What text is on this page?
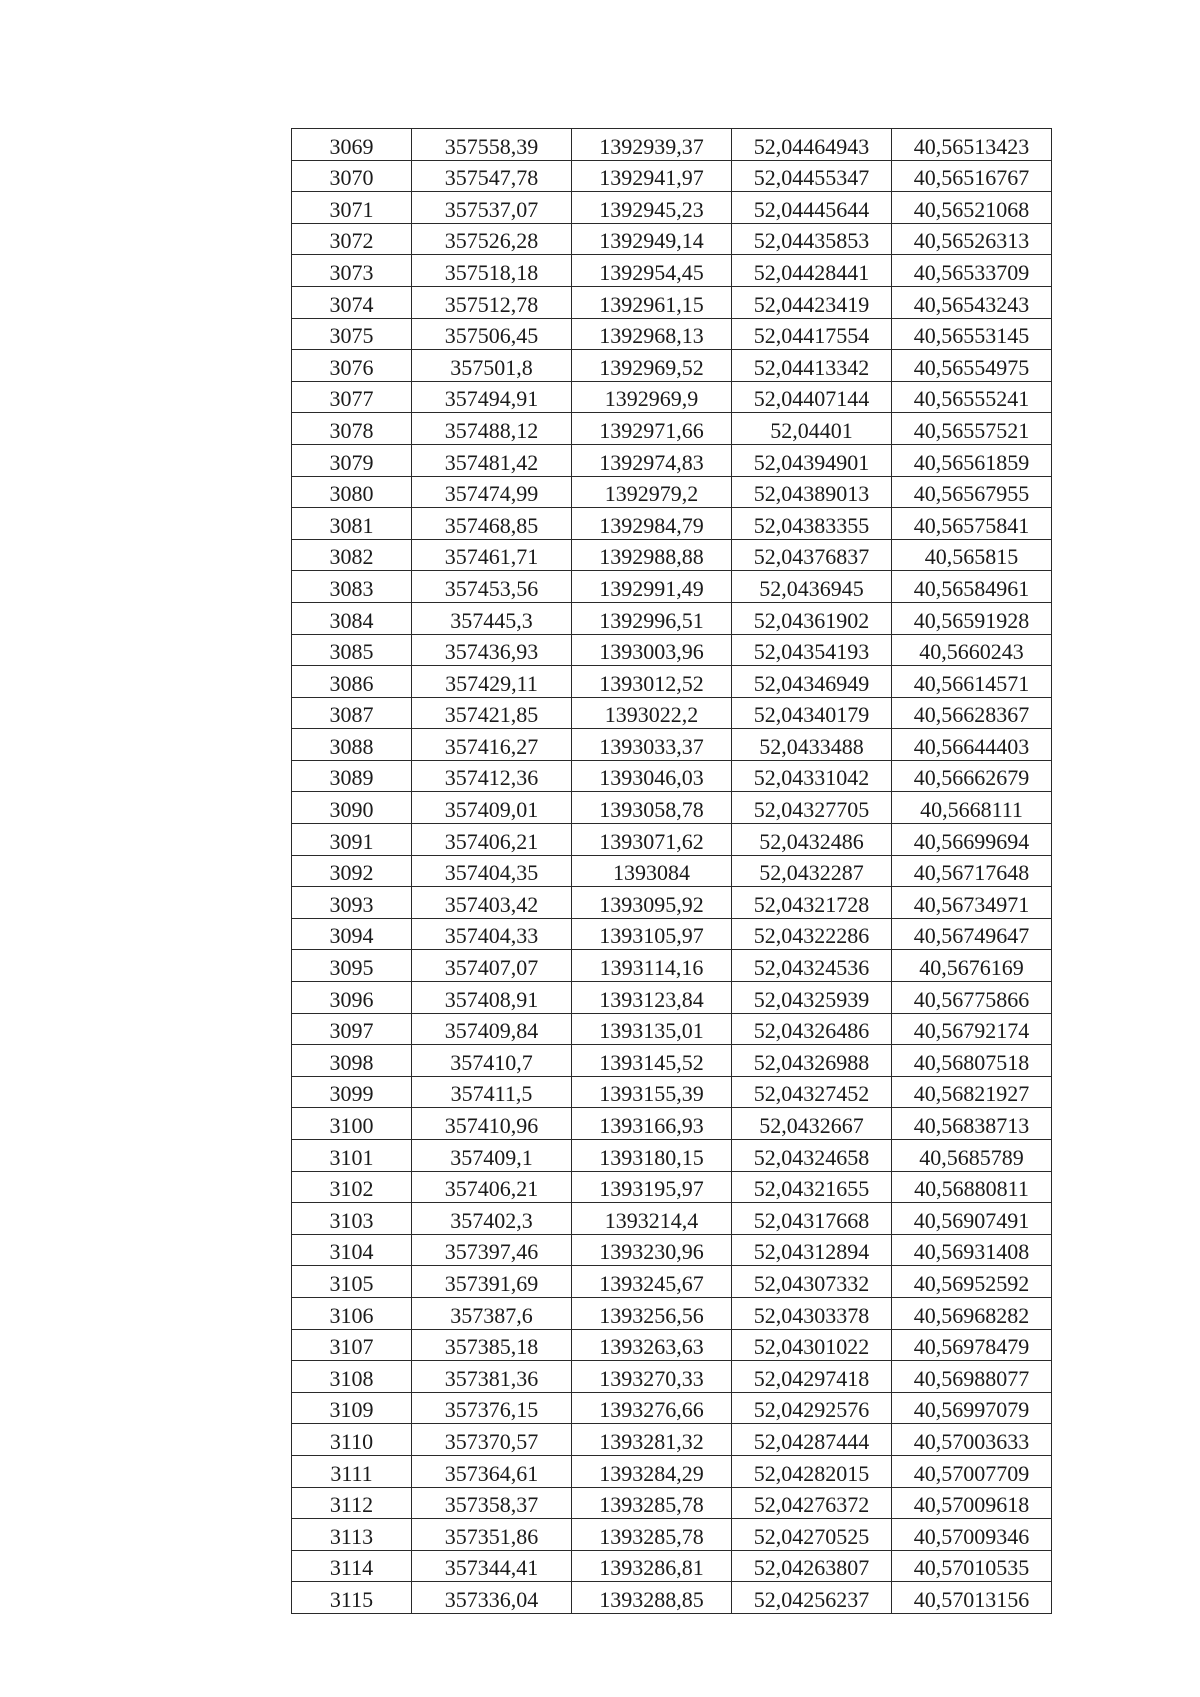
3069	357558,39	1392939,37	52,04464943	40,56513423
3070	357547,78	1392941,97	52,04455347	40,56516767
3071	357537,07	1392945,23	52,04445644	40,56521068
3072	357526,28	1392949,14	52,04435853	40,56526313
3073	357518,18	1392954,45	52,04428441	40,56533709
3074	357512,78	1392961,15	52,04423419	40,56543243
3075	357506,45	1392968,13	52,04417554	40,56553145
3076	357501,8	1392969,52	52,04413342	40,56554975
3077	357494,91	1392969,9	52,04407144	40,56555241
3078	357488,12	1392971,66	52,04401	40,56557521
3079	357481,42	1392974,83	52,04394901	40,56561859
3080	357474,99	1392979,2	52,04389013	40,56567955
3081	357468,85	1392984,79	52,04383355	40,56575841
3082	357461,71	1392988,88	52,04376837	40,565815
3083	357453,56	1392991,49	52,0436945	40,56584961
3084	357445,3	1392996,51	52,04361902	40,56591928
3085	357436,93	1393003,96	52,04354193	40,5660243
3086	357429,11	1393012,52	52,04346949	40,56614571
3087	357421,85	1393022,2	52,04340179	40,56628367
3088	357416,27	1393033,37	52,0433488	40,56644403
3089	357412,36	1393046,03	52,04331042	40,56662679
3090	357409,01	1393058,78	52,04327705	40,5668111
3091	357406,21	1393071,62	52,0432486	40,56699694
3092	357404,35	1393084	52,0432287	40,56717648
3093	357403,42	1393095,92	52,04321728	40,56734971
3094	357404,33	1393105,97	52,04322286	40,56749647
3095	357407,07	1393114,16	52,04324536	40,5676169
3096	357408,91	1393123,84	52,04325939	40,56775866
3097	357409,84	1393135,01	52,04326486	40,56792174
3098	357410,7	1393145,52	52,04326988	40,56807518
3099	357411,5	1393155,39	52,04327452	40,56821927
3100	357410,96	1393166,93	52,0432667	40,56838713
3101	357409,1	1393180,15	52,04324658	40,5685789
3102	357406,21	1393195,97	52,04321655	40,56880811
3103	357402,3	1393214,4	52,04317668	40,56907491
3104	357397,46	1393230,96	52,04312894	40,56931408
3105	357391,69	1393245,67	52,04307332	40,56952592
3106	357387,6	1393256,56	52,04303378	40,56968282
3107	357385,18	1393263,63	52,04301022	40,56978479
3108	357381,36	1393270,33	52,04297418	40,56988077
3109	357376,15	1393276,66	52,04292576	40,56997079
3110	357370,57	1393281,32	52,04287444	40,57003633
3111	357364,61	1393284,29	52,04282015	40,57007709
3112	357358,37	1393285,78	52,04276372	40,57009618
3113	357351,86	1393285,78	52,04270525	40,57009346
3114	357344,41	1393286,81	52,04263807	40,57010535
3115	357336,04	1393288,85	52,04256237	40,57013156
